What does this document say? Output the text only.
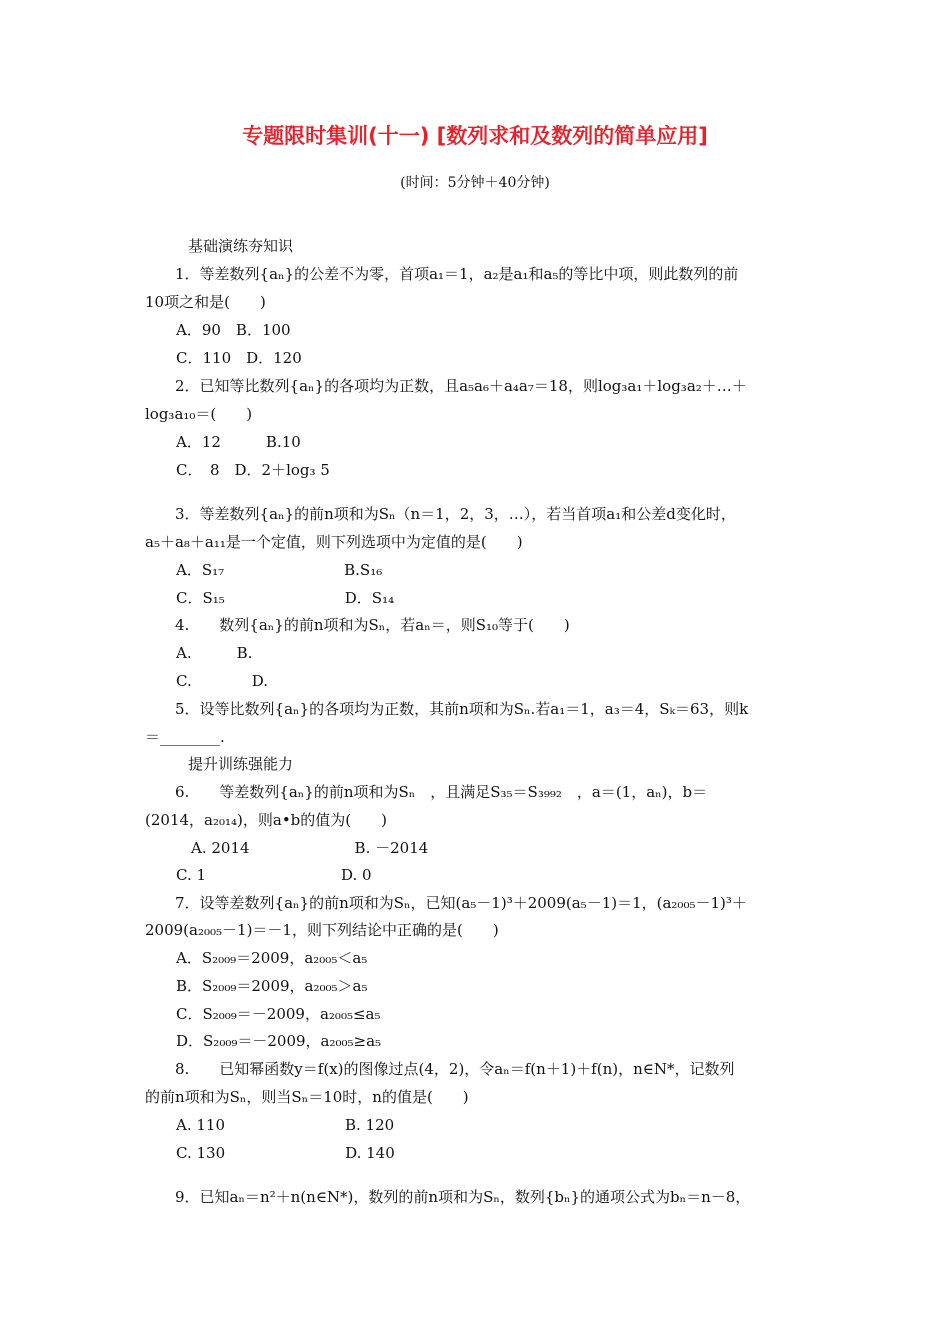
专题限时集训(十一) [数列求和及数列的简单应用]
(时间：5分钟＋40分钟)
基础演练夯知识
1．等差数列{aₙ}的公差不为零，首项a₁＝1，a₂是a₁和a₅的等比中项，则此数列的前
10项之和是(　　)
A．90　B．100
C．110　D．120
2．已知等比数列{aₙ}的各项均为正数，且a₅a₆＋a₄a₇＝18，则log₃a₁＋log₃a₂＋…＋
log₃a₁₀＝(　　)
A．12　　　B.10
C．　8　D．2＋log₃ 5
3．等差数列{aₙ}的前n项和为Sₙ（n＝1，2，3，…），若当首项a₁和公差d变化时，
a₅＋a₈＋a₁₁是一个定值，则下列选项中为定值的是(　　)
A．S₁₇　　　　　　　　B.S₁₆
C．S₁₅　　　　　　　　D．S₁₄
4.　　数列{aₙ}的前n项和为Sₙ，若aₙ＝，则S₁₀等于(　　)
A.　　　B.
C.　　　　D.
5．设等比数列{aₙ}的各项均为正数，其前n项和为Sₙ.若a₁＝1，a₃＝4，Sₖ＝63，则k
＝________.
提升训练强能力
6.　　等差数列{aₙ}的前n项和为Sₙ　，且满足S₃₅＝S₃₉₉₂　，a＝(1，aₙ)，b＝
(2014，a₂₀₁₄)，则a•b的值为(　　)
　A. 2014　　　　　　　B. －2014
C. 1　　　　　　　　　D. 0
7．设等差数列{aₙ}的前n项和为Sₙ，已知(a₅－1)³＋2009(a₅－1)＝1，(a₂₀₀₅－1)³＋
2009(a₂₀₀₅－1)＝－1，则下列结论中正确的是(　　)
A．S₂₀₀₉＝2009，a₂₀₀₅＜a₅
B．S₂₀₀₉＝2009，a₂₀₀₅＞a₅
C．S₂₀₀₉＝－2009，a₂₀₀₅≤a₅
D．S₂₀₀₉＝－2009，a₂₀₀₅≥a₅
8.　　已知幂函数y＝f(x)的图像过点(4，2)，令aₙ＝f(n＋1)＋f(n)，n∈N*，记数列
的前n项和为Sₙ，则当Sₙ＝10时，n的值是(　　)
A. 110　　　　　　　　B. 120
C. 130　　　　　　　　D. 140
9．已知aₙ＝n²＋n(n∈N*)，数列的前n项和为Sₙ，数列{bₙ}的通项公式为bₙ＝n－8，
